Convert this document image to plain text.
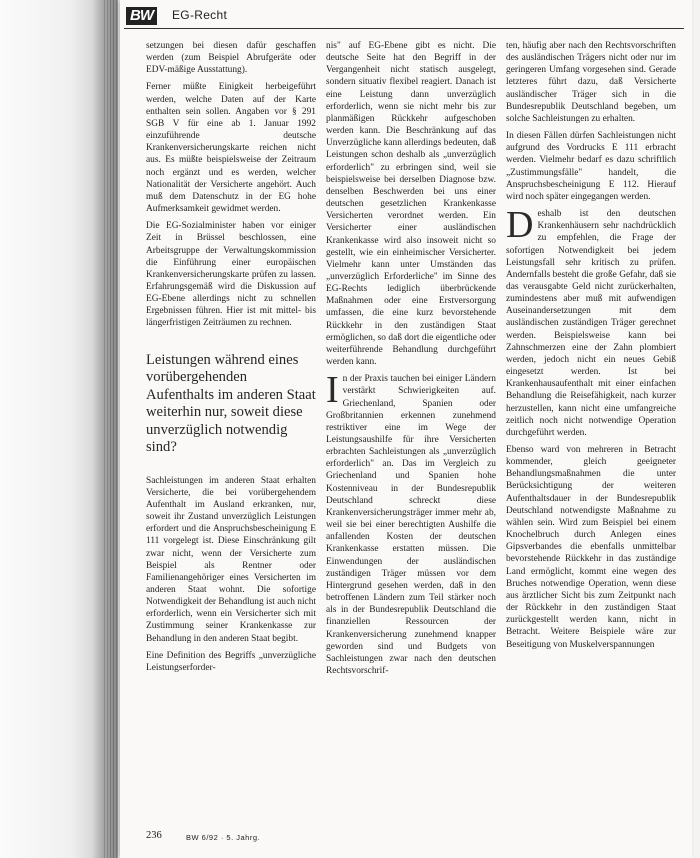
BW	EG-Recht

setzungen bei diesen dafür geschaffen werden (zum Beispiel Abrufgeräte oder EDV-mäßige Ausstattung).

Ferner müßte Einigkeit herbeigeführt werden, welche Daten auf der Karte enthalten sein sollen. Angaben vor § 291 SGB V für eine ab 1. Januar 1992 einzuführende deutsche Krankenversicherungskarte reichen nicht aus. Es müßte beispielsweise der Zeitraum noch ergänzt und es werden, welcher Nationalität der Versicherte angehört. Auch muß dem Datenschutz in der EG hohe Aufmerksamkeit gewidmet werden.

Die EG-Sozialminister haben vor einiger Zeit in Brüssel beschlossen, eine Arbeitsgruppe der Verwaltungskommission die Einführung einer europäischen Krankenversicherungskarte prüfen zu lassen. Erfahrungsgemäß wird die Diskussion auf EG-Ebene allerdings nicht zu schnellen Ergebnissen führen. Hier ist mit mittel- bis längerfristigen Zeiträumen zu rechnen.

Leistungen während eines vorübergehenden Aufenthalts im anderen Staat weiterhin nur, soweit diese unverzüglich notwendig sind?

Sachleistungen im anderen Staat erhalten Versicherte, die bei vorübergehendem Aufenthalt im Ausland erkranken, nur, soweit ihr Zustand unverzüglich Leistungen erfordert und die Anspruchsbescheinigung E 111 vorgelegt ist. Diese Einschränkung gilt zwar nicht, wenn der Versicherte zum Beispiel als Rentner oder Familienangehöriger eines Versicherten im anderen Staat wohnt. Die sofortige Notwendigkeit der Behandlung ist auch nicht erforderlich, wenn ein Versicherter sich mit Zustimmung seiner Krankenkasse zur Behandlung in den anderen Staat begibt.

Eine Definition des Begriffs „unverzügliche Leistungserforder-

nis" auf EG-Ebene gibt es nicht. Die deutsche Seite hat den Begriff in der Vergangenheit nicht statisch ausgelegt, sondern situativ flexibel reagiert. Danach ist eine Leistung dann unverzüglich erforderlich, wenn sie nicht mehr bis zur planmäßigen Rückkehr aufgeschoben werden kann. Die Beschränkung auf das Unverzügliche kann allerdings bedeuten, daß Leistungen schon deshalb als „unverzüglich erforderlich" zu erbringen sind, weil sie beispielsweise bei derselben Diagnose bzw. denselben Beschwerden bei uns einer deutschen gesetzlichen Krankenkasse Versicherten verordnet werden. Ein Versicherter einer ausländischen Krankenkasse wird also insoweit nicht so gestellt, wie ein einheimischer Versicherter. Vielmehr kann unter Umständen das „unverzüglich Erforderliche" im Sinne des EG-Rechts lediglich überbrückende Maßnahmen oder eine Erstversorgung umfassen, die eine kurz bevorstehende Rückkehr in den zuständigen Staat ermöglichen, so daß dort die eigentliche oder weiterführende Behandlung durchgeführt werden kann.

In der Praxis tauchen bei einiger Ländern verstärkt Schwierigkeiten auf. Griechenland, Spanien oder Großbritannien erkennen zunehmend restriktiver eine im Wege der Leistungsaushilfe für ihre Versicherten erbrachten Sachleistungen als „unverzüglich erforderlich" an. Das im Vergleich zu Griechenland und Spanien hohe Kostenniveau in der Bundesrepublik Deutschland schreckt diese Krankenversicherungsträger immer mehr ab, weil sie bei einer berechtigten Aushilfe die anfallenden Kosten der deutschen Krankenkasse erstatten müssen. Die Einwendungen der ausländischen zuständigen Träger müssen vor dem Hintergrund gesehen werden, daß in den betroffenen Ländern zum Teil stärker noch als in der Bundesrepublik Deutschland die finanziellen Ressourcen der Krankenversicherung zunehmend knapper geworden sind und Budgets von Sachleistungen zwar nach den deutschen Rechtsvorschrif-

ten, häufig aber nach den Rechtsvorschriften des ausländischen Trägers nicht oder nur im geringeren Umfang vorgesehen sind. Gerade letzteres führt dazu, daß Versicherte ausländischer Träger sich in die Bundesrepublik Deutschland begeben, um solche Sachleistungen zu erhalten.

In diesen Fällen dürfen Sachleistungen nicht aufgrund des Vordrucks E 111 erbracht werden. Vielmehr bedarf es dazu schriftlich „Zustimmungsfälle" handelt, die Anspruchsbescheinigung E 112. Hierauf wird noch später eingegangen werden.

Deshalb ist den deutschen Krankenhäusern sehr nachdrücklich zu empfehlen, die Frage der sofortigen Notwendigkeit bei jedem Leistungsfall sehr kritisch zu prüfen. Andernfalls besteht die große Gefahr, daß sie das verausgabte Geld nicht zurückerhalten, zumindestens aber muß mit aufwendigen Auseinandersetzungen mit dem ausländischen zuständigen Träger gerechnet werden. Beispielsweise kann bei Zahnschmerzen eine der Zahn plombiert werden, jedoch nicht ein neues Gebiß eingesetzt werden. Ist bei Krankenhausaufenthalt mit einer einfachen Behandlung die Reisefähigkeit, nach kurzer herzustellen, kann nicht eine umfangreiche zeitlich noch nicht notwendige Operation durchgeführt werden.

Ebenso ward von mehreren in Betracht kommender, gleich geeigneter Behandlungsmaßnahmen die unter Berücksichtigung der weiteren Aufenthaltsdauer in der Bundesrepublik Deutschland notwendigste Maßnahme zu wählen sein. Wird zum Beispiel bei einem Knochelbruch durch Anlegen eines Gipsverbandes die ebenfalls unmittelbar bevorstehende Rückkehr in das zuständige Land ermöglicht, kommt eine wegen des Bruches notwendige Operation, wenn diese aus ärztlicher Sicht bis zum Zeitpunkt nach der Rückkehr in den zuständigen Staat zurückgestellt werden kann, nicht in Betracht. Weitere Beispiele wäre zur Beseitigung von Muskelverspannungen

236	BW 6/92 · 5. Jahrg.
